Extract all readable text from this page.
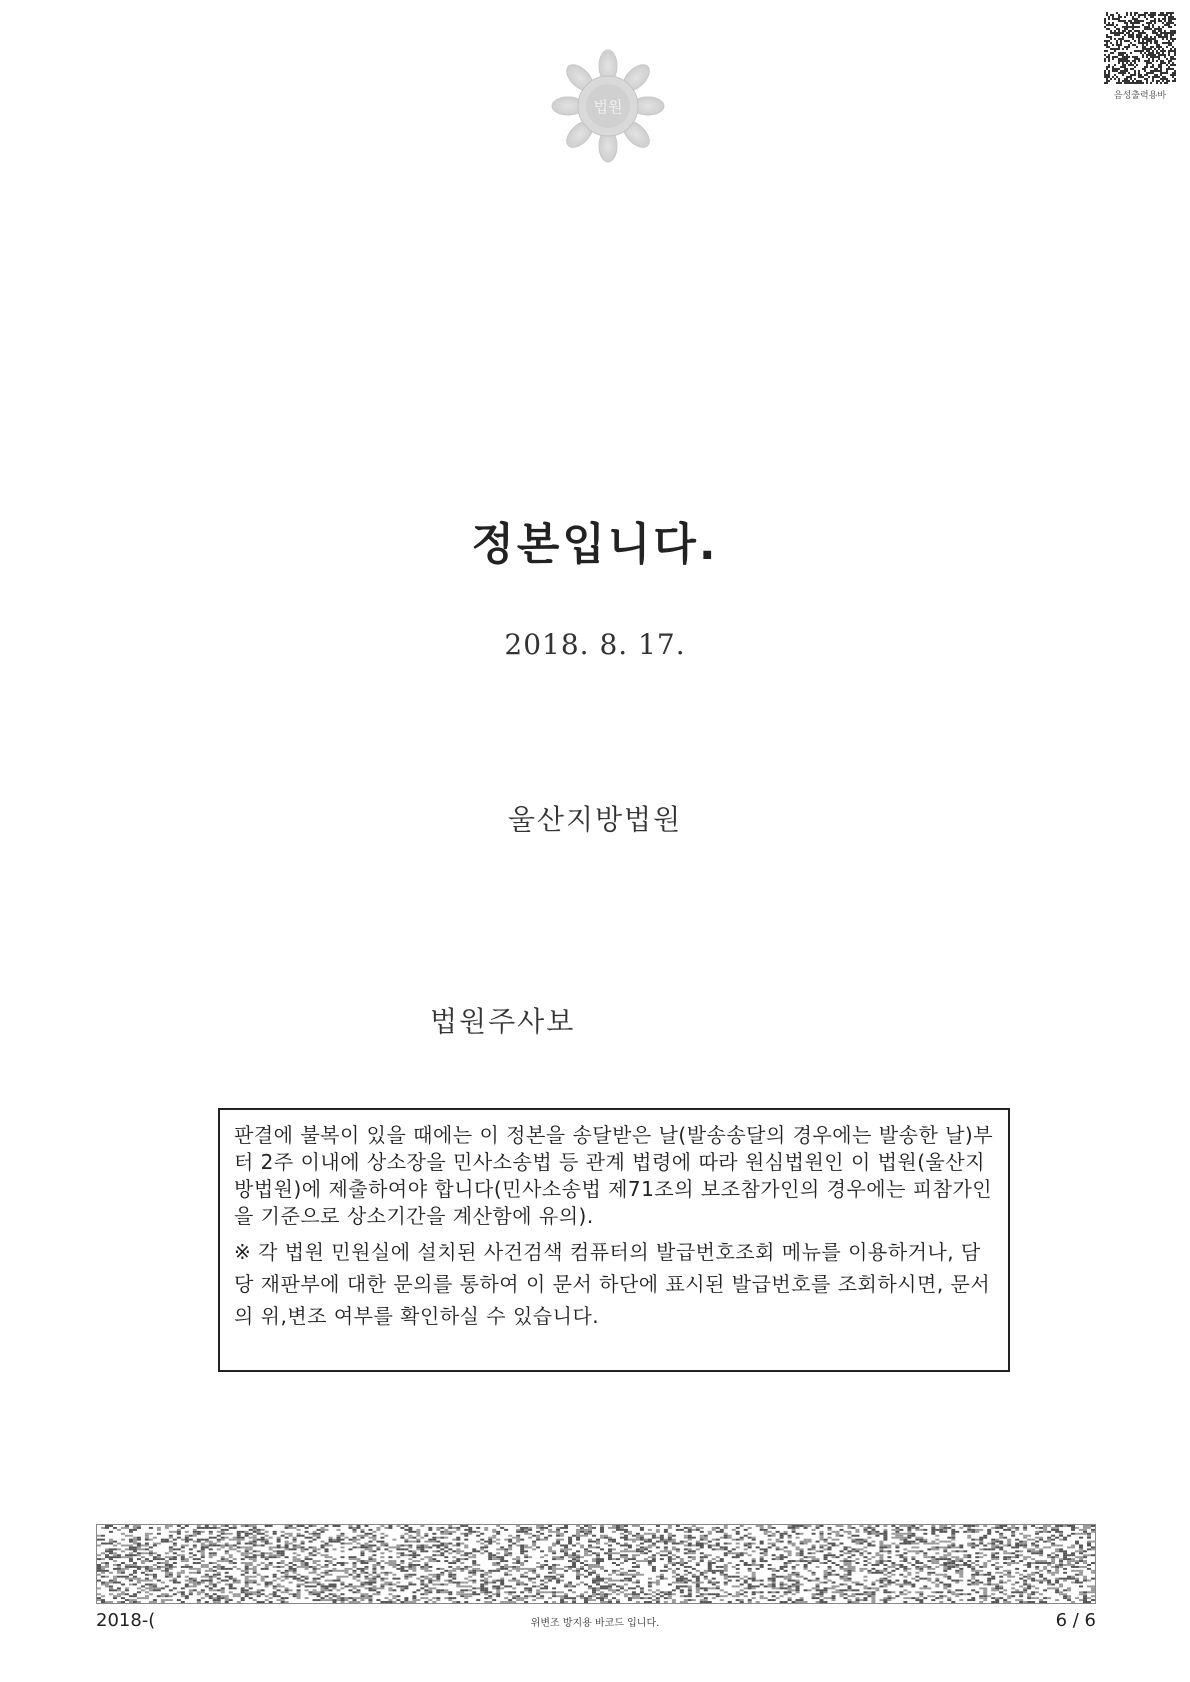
음성출력용바
법원
정본입니다.
2018. 8. 17.
울산지방법원
법원주사보
판결에 불복이 있을 때에는 이 정본을 송달받은 날(발송송달의 경우에는 발송한 날)부터 2주 이내에 상소장을 민사소송법 등 관계 법령에 따라 원심법원인 이 법원(울산지방법원)에 제출하여야 합니다(민사소송법 제71조의 보조참가인의 경우에는 피참가인을 기준으로 상소기간을 계산함에 유의).
※ 각 법원 민원실에 설치된 사건검색 컴퓨터의 발급번호조회 메뉴를 이용하거나, 담당 재판부에 대한 문의를 통하여 이 문서 하단에 표시된 발급번호를 조회하시면, 문서의 위,변조 여부를 확인하실 수 있습니다.
2018-(	위변조 방지용 바코드 입니다.	6 / 6
